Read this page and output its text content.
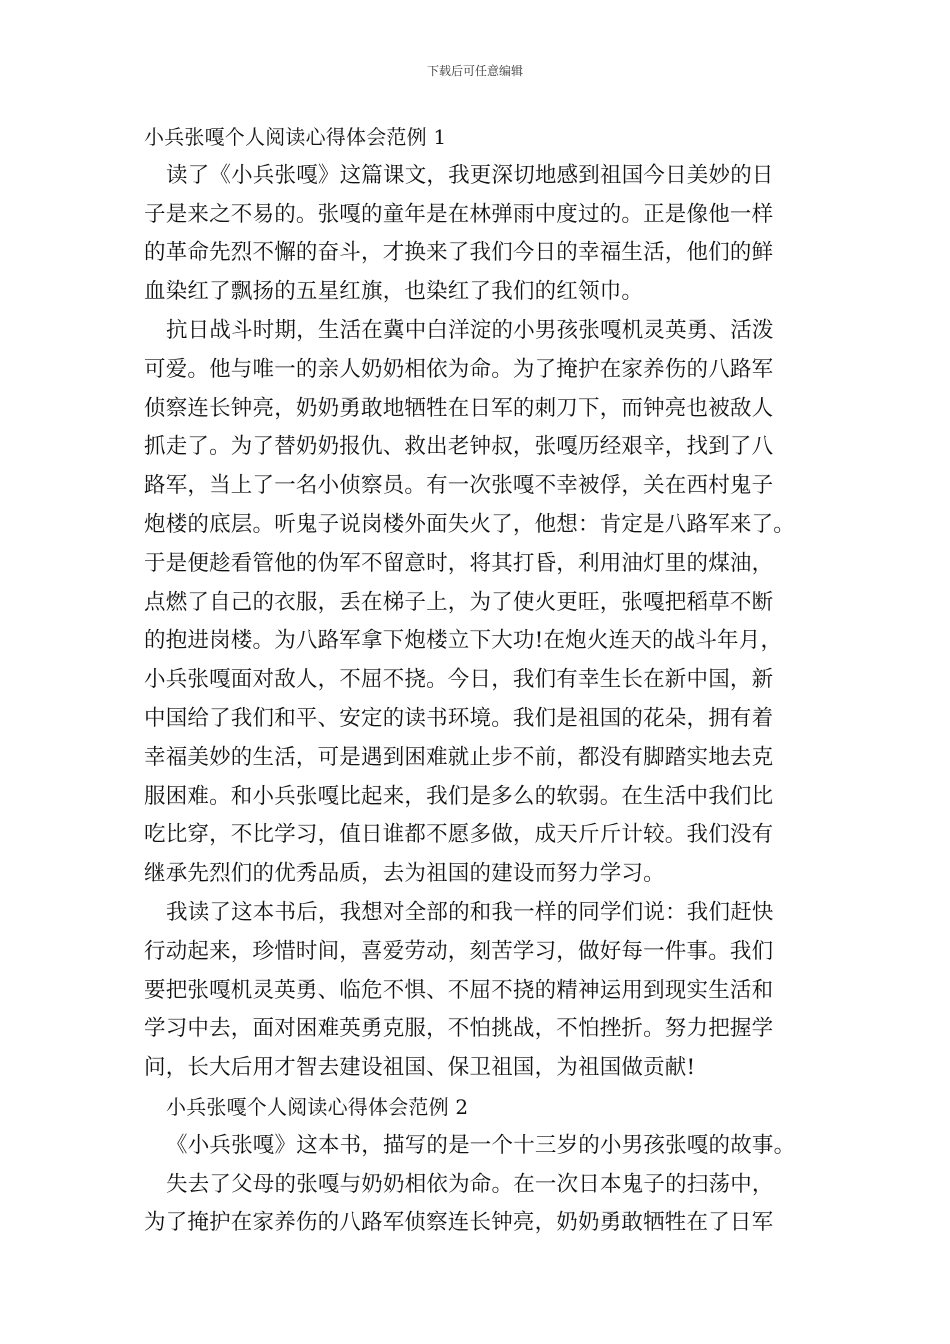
下载后可任意编辑
小兵张嘎个人阅读心得体会范例 1
读了《小兵张嘎》这篇课文，我更深切地感到祖国今日美妙的日
子是来之不易的。张嘎的童年是在林弹雨中度过的。正是像他一样
的革命先烈不懈的奋斗，才换来了我们今日的幸福生活，他们的鲜
血染红了飘扬的五星红旗，也染红了我们的红领巾。
抗日战斗时期，生活在冀中白洋淀的小男孩张嘎机灵英勇、活泼
可爱。他与唯一的亲人奶奶相依为命。为了掩护在家养伤的八路军
侦察连长钟亮，奶奶勇敢地牺牲在日军的刺刀下，而钟亮也被敌人
抓走了。为了替奶奶报仇、救出老钟叔，张嘎历经艰辛，找到了八
路军，当上了一名小侦察员。有一次张嘎不幸被俘，关在西村鬼子
炮楼的底层。听鬼子说岗楼外面失火了，他想：肯定是八路军来了。
于是便趁看管他的伪军不留意时，将其打昏，利用油灯里的煤油，
点燃了自己的衣服，丢在梯子上，为了使火更旺，张嘎把稻草不断
的抱进岗楼。为八路军拿下炮楼立下大功!在炮火连天的战斗年月，
小兵张嘎面对敌人，不屈不挠。今日，我们有幸生长在新中国，新
中国给了我们和平、安定的读书环境。我们是祖国的花朵，拥有着
幸福美妙的生活，可是遇到困难就止步不前，都没有脚踏实地去克
服困难。和小兵张嘎比起来，我们是多么的软弱。在生活中我们比
吃比穿，不比学习，值日谁都不愿多做，成天斤斤计较。我们没有
继承先烈们的优秀品质，去为祖国的建设而努力学习。
我读了这本书后，我想对全部的和我一样的同学们说：我们赶快
行动起来，珍惜时间，喜爱劳动，刻苦学习，做好每一件事。我们
要把张嘎机灵英勇、临危不惧、不屈不挠的精神运用到现实生活和
学习中去，面对困难英勇克服，不怕挑战，不怕挫折。努力把握学
问，长大后用才智去建设祖国、保卫祖国，为祖国做贡献!
小兵张嘎个人阅读心得体会范例 2
《小兵张嘎》这本书，描写的是一个十三岁的小男孩张嘎的故事。
失去了父母的张嘎与奶奶相依为命。在一次日本鬼子的扫荡中，
为了掩护在家养伤的八路军侦察连长钟亮，奶奶勇敢牺牲在了日军
